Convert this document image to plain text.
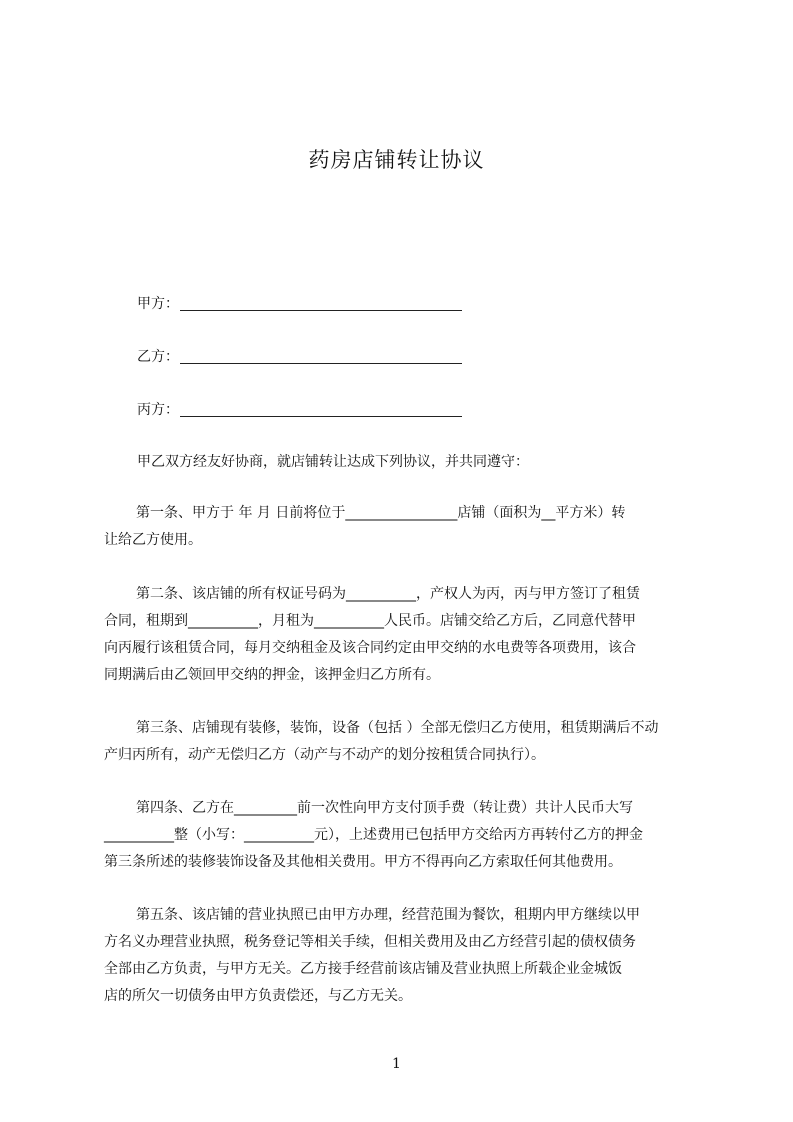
药房店铺转让协议
甲方：
乙方：
丙方：
甲乙双方经友好协商，就店铺转让达成下列协议，并共同遵守：
第一条、甲方于 年 月 日前将位于________________店铺（面积为__平方米）转
让给乙方使用。
第二条、该店铺的所有权证号码为__________，产权人为丙，丙与甲方签订了租赁
合同，租期到__________，月租为__________人民币。店铺交给乙方后，乙同意代替甲
向丙履行该租赁合同，每月交纳租金及该合同约定由甲交纳的水电费等各项费用，该合
同期满后由乙领回甲交纳的押金，该押金归乙方所有。
第三条、店铺现有装修，装饰，设备（包括 ）全部无偿归乙方使用，租赁期满后不动
产归丙所有，动产无偿归乙方（动产与不动产的划分按租赁合同执行）。
第四条、乙方在_________前一次性向甲方支付顶手费（转让费）共计人民币大写
__________整（小写：__________元），上述费用已包括甲方交给丙方再转付乙方的押金
第三条所述的装修装饰设备及其他相关费用。甲方不得再向乙方索取任何其他费用。
第五条、该店铺的营业执照已由甲方办理，经营范围为餐饮，租期内甲方继续以甲
方名义办理营业执照，税务登记等相关手续，但相关费用及由乙方经营引起的债权债务
全部由乙方负责，与甲方无关。乙方接手经营前该店铺及营业执照上所载企业金城饭
店的所欠一切债务由甲方负责偿还，与乙方无关。
1
